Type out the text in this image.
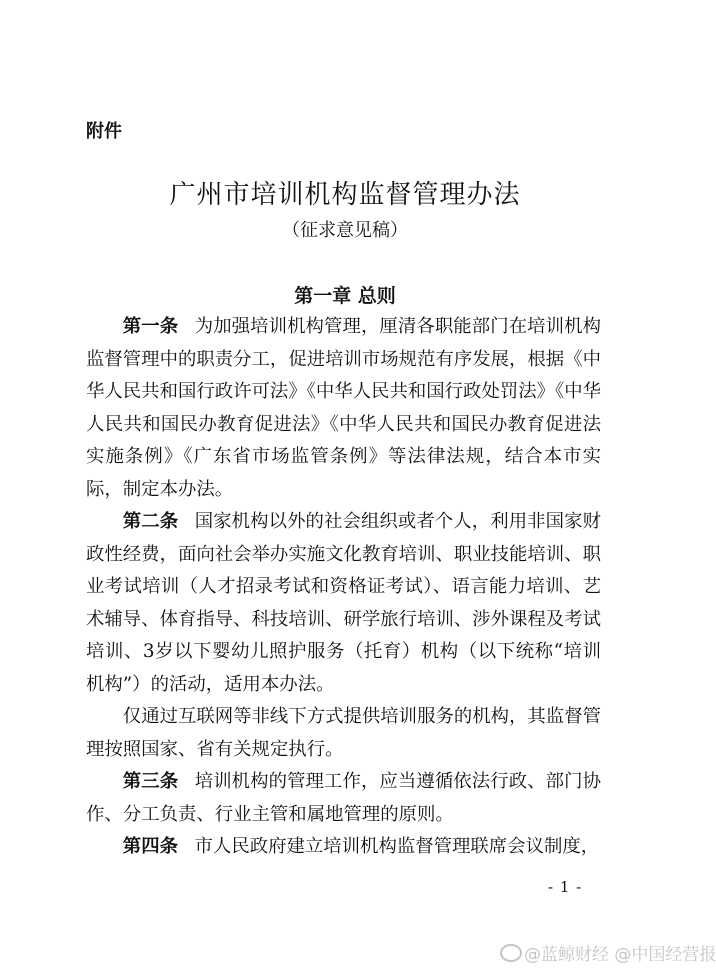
附件
广州市培训机构监督管理办法
（征求意见稿）
第一章 总则

第一条 为加强培训机构管理，厘清各职能部门在培训机构监督管理中的职责分工，促进培训市场规范有序发展，根据《中华人民共和国行政许可法》《中华人民共和国行政处罚法》《中华人民共和国民办教育促进法》《中华人民共和国民办教育促进法实施条例》《广东省市场监管条例》等法律法规，结合本市实际，制定本办法。

第二条 国家机构以外的社会组织或者个人，利用非国家财政性经费，面向社会举办实施文化教育培训、职业技能培训、职业考试培训（人才招录考试和资格证考试）、语言能力培训、艺术辅导、体育指导、科技培训、研学旅行培训、涉外课程及考试培训、3岁以下婴幼儿照护服务（托育）机构（以下统称“培训机构”）的活动，适用本办法。

仅通过互联网等非线下方式提供培训服务的机构，其监督管理按照国家、省有关规定执行。

第三条 培训机构的管理工作，应当遵循依法行政、部门协作、分工负责、行业主管和属地管理的原则。

第四条 市人民政府建立培训机构监督管理联席会议制度，

- 1 -
@蓝鲸财经 @中国经营报
